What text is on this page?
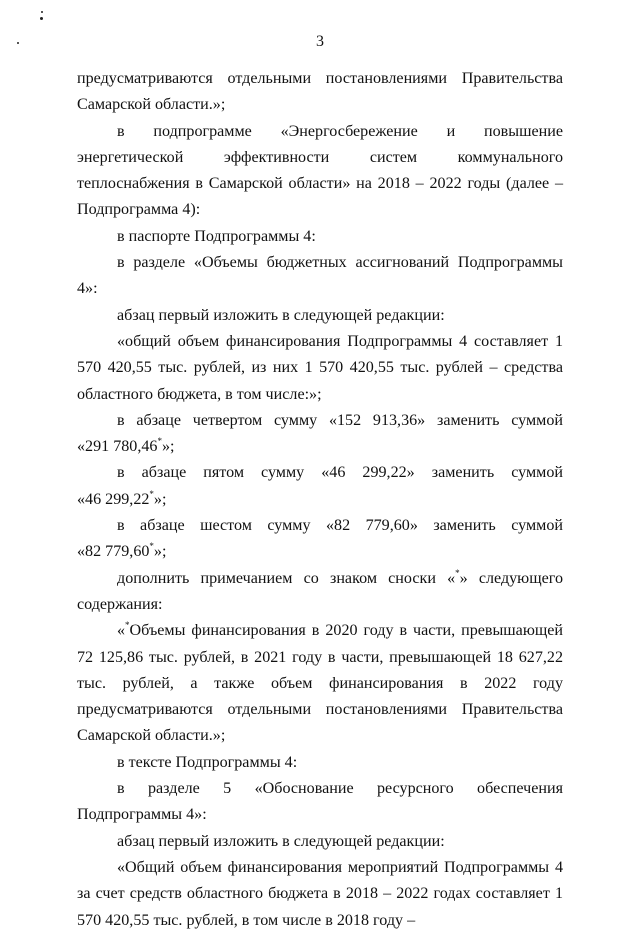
3

предусматриваются отдельными постановлениями Правительства

Самарской области.»;

в подпрограмме «Энергосбережение и повышение энергетической эффективности систем коммунального теплоснабжения в Самарской области» на 2018 – 2022 годы (далее – Подпрограмма 4):

в паспорте Подпрограммы 4:

в разделе «Объемы бюджетных ассигнований Подпрограммы 4»:

абзац первый изложить в следующей редакции:

«общий объем финансирования Подпрограммы 4 составляет 1 570 420,55 тыс. рублей, из них 1 570 420,55 тыс. рублей – средства областного бюджета, в том числе:»;

в абзаце четвертом сумму «152 913,36» заменить суммой

«291 780,46*»;

в абзаце пятом сумму «46 299,22» заменить суммой

«46 299,22*»;

в абзаце шестом сумму «82 779,60» заменить суммой

«82 779,60*»;

дополнить примечанием со знаком сноски «*» следующего

содержания:

«*Объемы финансирования в 2020 году в части, превышающей 72 125,86 тыс. рублей, в 2021 году в части, превышающей 18 627,22 тыс. рублей, а также объем финансирования в 2022 году предусматриваются отдельными постановлениями Правительства Самарской области.»;

в тексте Подпрограммы 4:

в разделе 5 «Обоснование ресурсного обеспечения Подпрограммы 4»:

абзац первый изложить в следующей редакции:

«Общий объем финансирования мероприятий Подпрограммы 4 за счет средств областного бюджета в 2018 – 2022 годах составляет 1 570 420,55 тыс. рублей, в том числе в 2018 году –
